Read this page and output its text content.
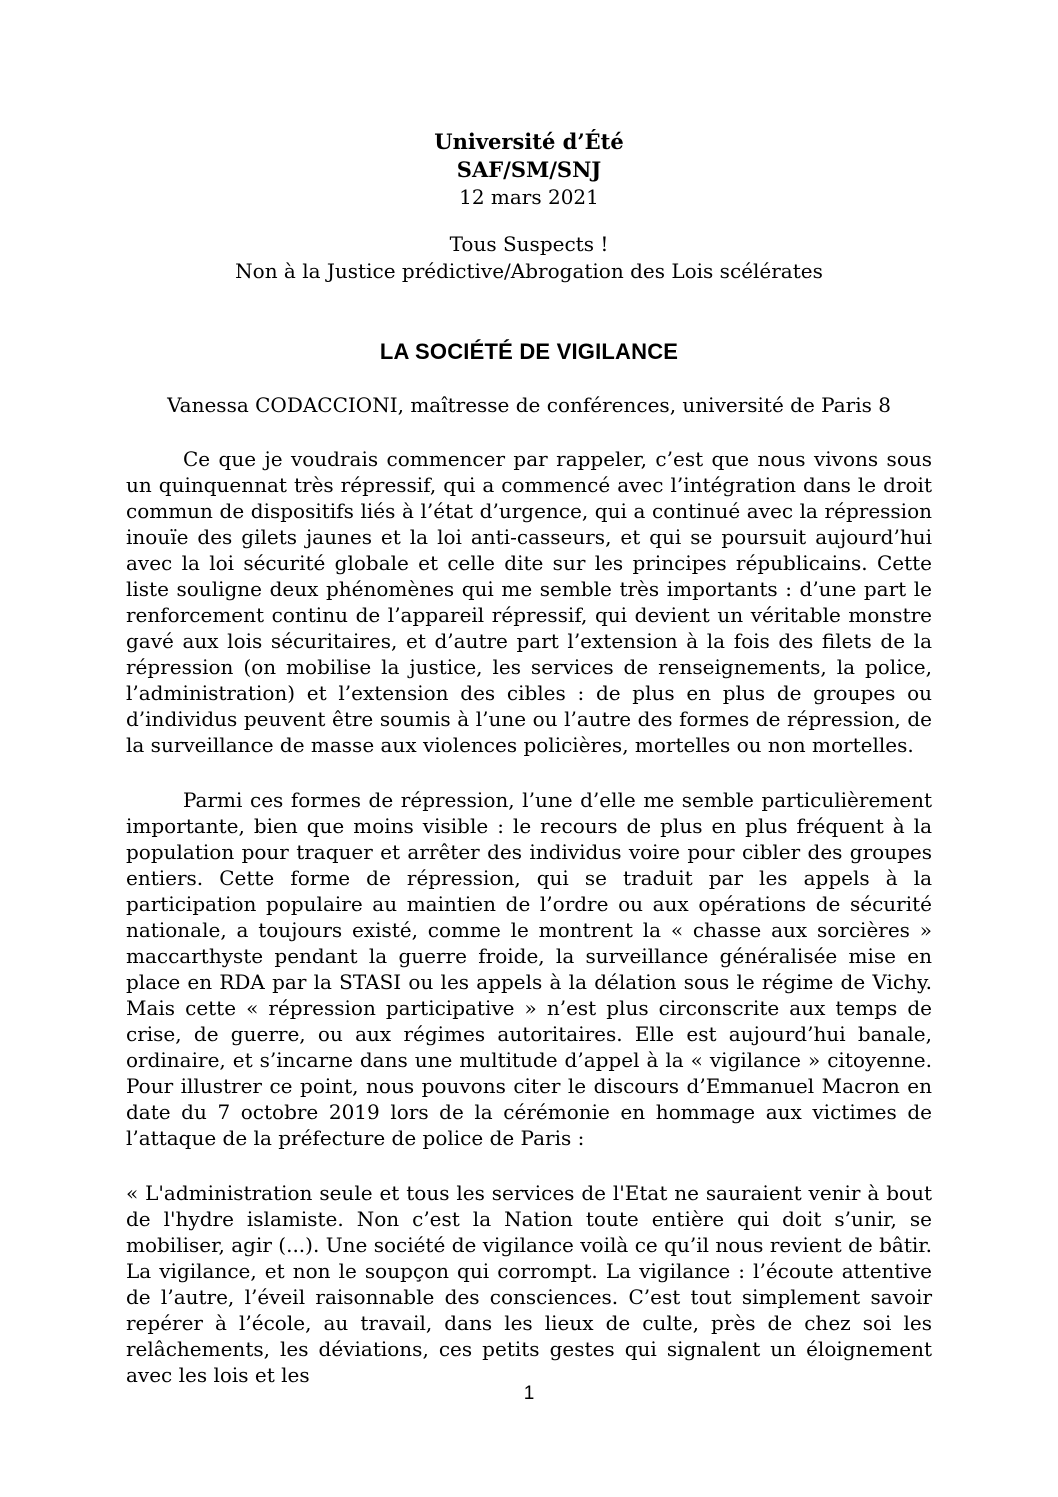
Université d’Été

SAF/SM/SNJ

12 mars 2021

Tous Suspects !

Non à la Justice prédictive/Abrogation des Lois scélérates

LA SOCIÉTÉ DE VIGILANCE

Vanessa CODACCIONI, maîtresse de conférences, université de Paris 8

Ce que je voudrais commencer par rappeler, c’est que nous vivons sous un quinquennat très répressif, qui a commencé avec l’intégration dans le droit commun de dispositifs liés à l’état d’urgence, qui a continué avec la répression inouïe des gilets jaunes et la loi anti-casseurs, et qui se poursuit aujourd’hui avec la loi sécurité globale et celle dite sur les principes républicains. Cette liste souligne deux phénomènes qui me semble très importants : d’une part le renforcement continu de l’appareil répressif, qui devient un véritable monstre gavé aux lois sécuritaires, et d’autre part l’extension à la fois des filets de la répression (on mobilise la justice, les services de renseignements, la police, l’administration) et l’extension des cibles : de plus en plus de groupes ou d’individus peuvent être soumis à l’une ou l’autre des formes de répression, de la surveillance de masse aux violences policières, mortelles ou non mortelles.

Parmi ces formes de répression, l’une d’elle me semble particulièrement importante, bien que moins visible : le recours de plus en plus fréquent à la population pour traquer et arrêter des individus voire pour cibler des groupes entiers. Cette forme de répression, qui se traduit par les appels à la participation populaire au maintien de l’ordre ou aux opérations de sécurité nationale, a toujours existé, comme le montrent la « chasse aux sorcières » maccarthyste pendant la guerre froide, la surveillance généralisée mise en place en RDA par la STASI ou les appels à la délation sous le régime de Vichy. Mais cette « répression participative » n’est plus circonscrite aux temps de crise, de guerre, ou aux régimes autoritaires. Elle est aujourd’hui banale, ordinaire, et s’incarne dans une multitude d’appel à la « vigilance » citoyenne. Pour illustrer ce point, nous pouvons citer le discours d’Emmanuel Macron en date du 7 octobre 2019 lors de la cérémonie en hommage aux victimes de l’attaque de la préfecture de police de Paris :

« L'administration seule et tous les services de l'Etat ne sauraient venir à bout de l'hydre islamiste. Non c’est la Nation toute entière qui doit s’unir, se mobiliser, agir (...). Une société de vigilance voilà ce qu’il nous revient de bâtir. La vigilance, et non le soupçon qui corrompt. La vigilance : l’écoute attentive de l’autre, l’éveil raisonnable des consciences. C’est tout simplement savoir repérer à l’école, au travail, dans les lieux de culte, près de chez soi les relâchements, les déviations, ces petits gestes qui signalent un éloignement avec les lois et les

1
